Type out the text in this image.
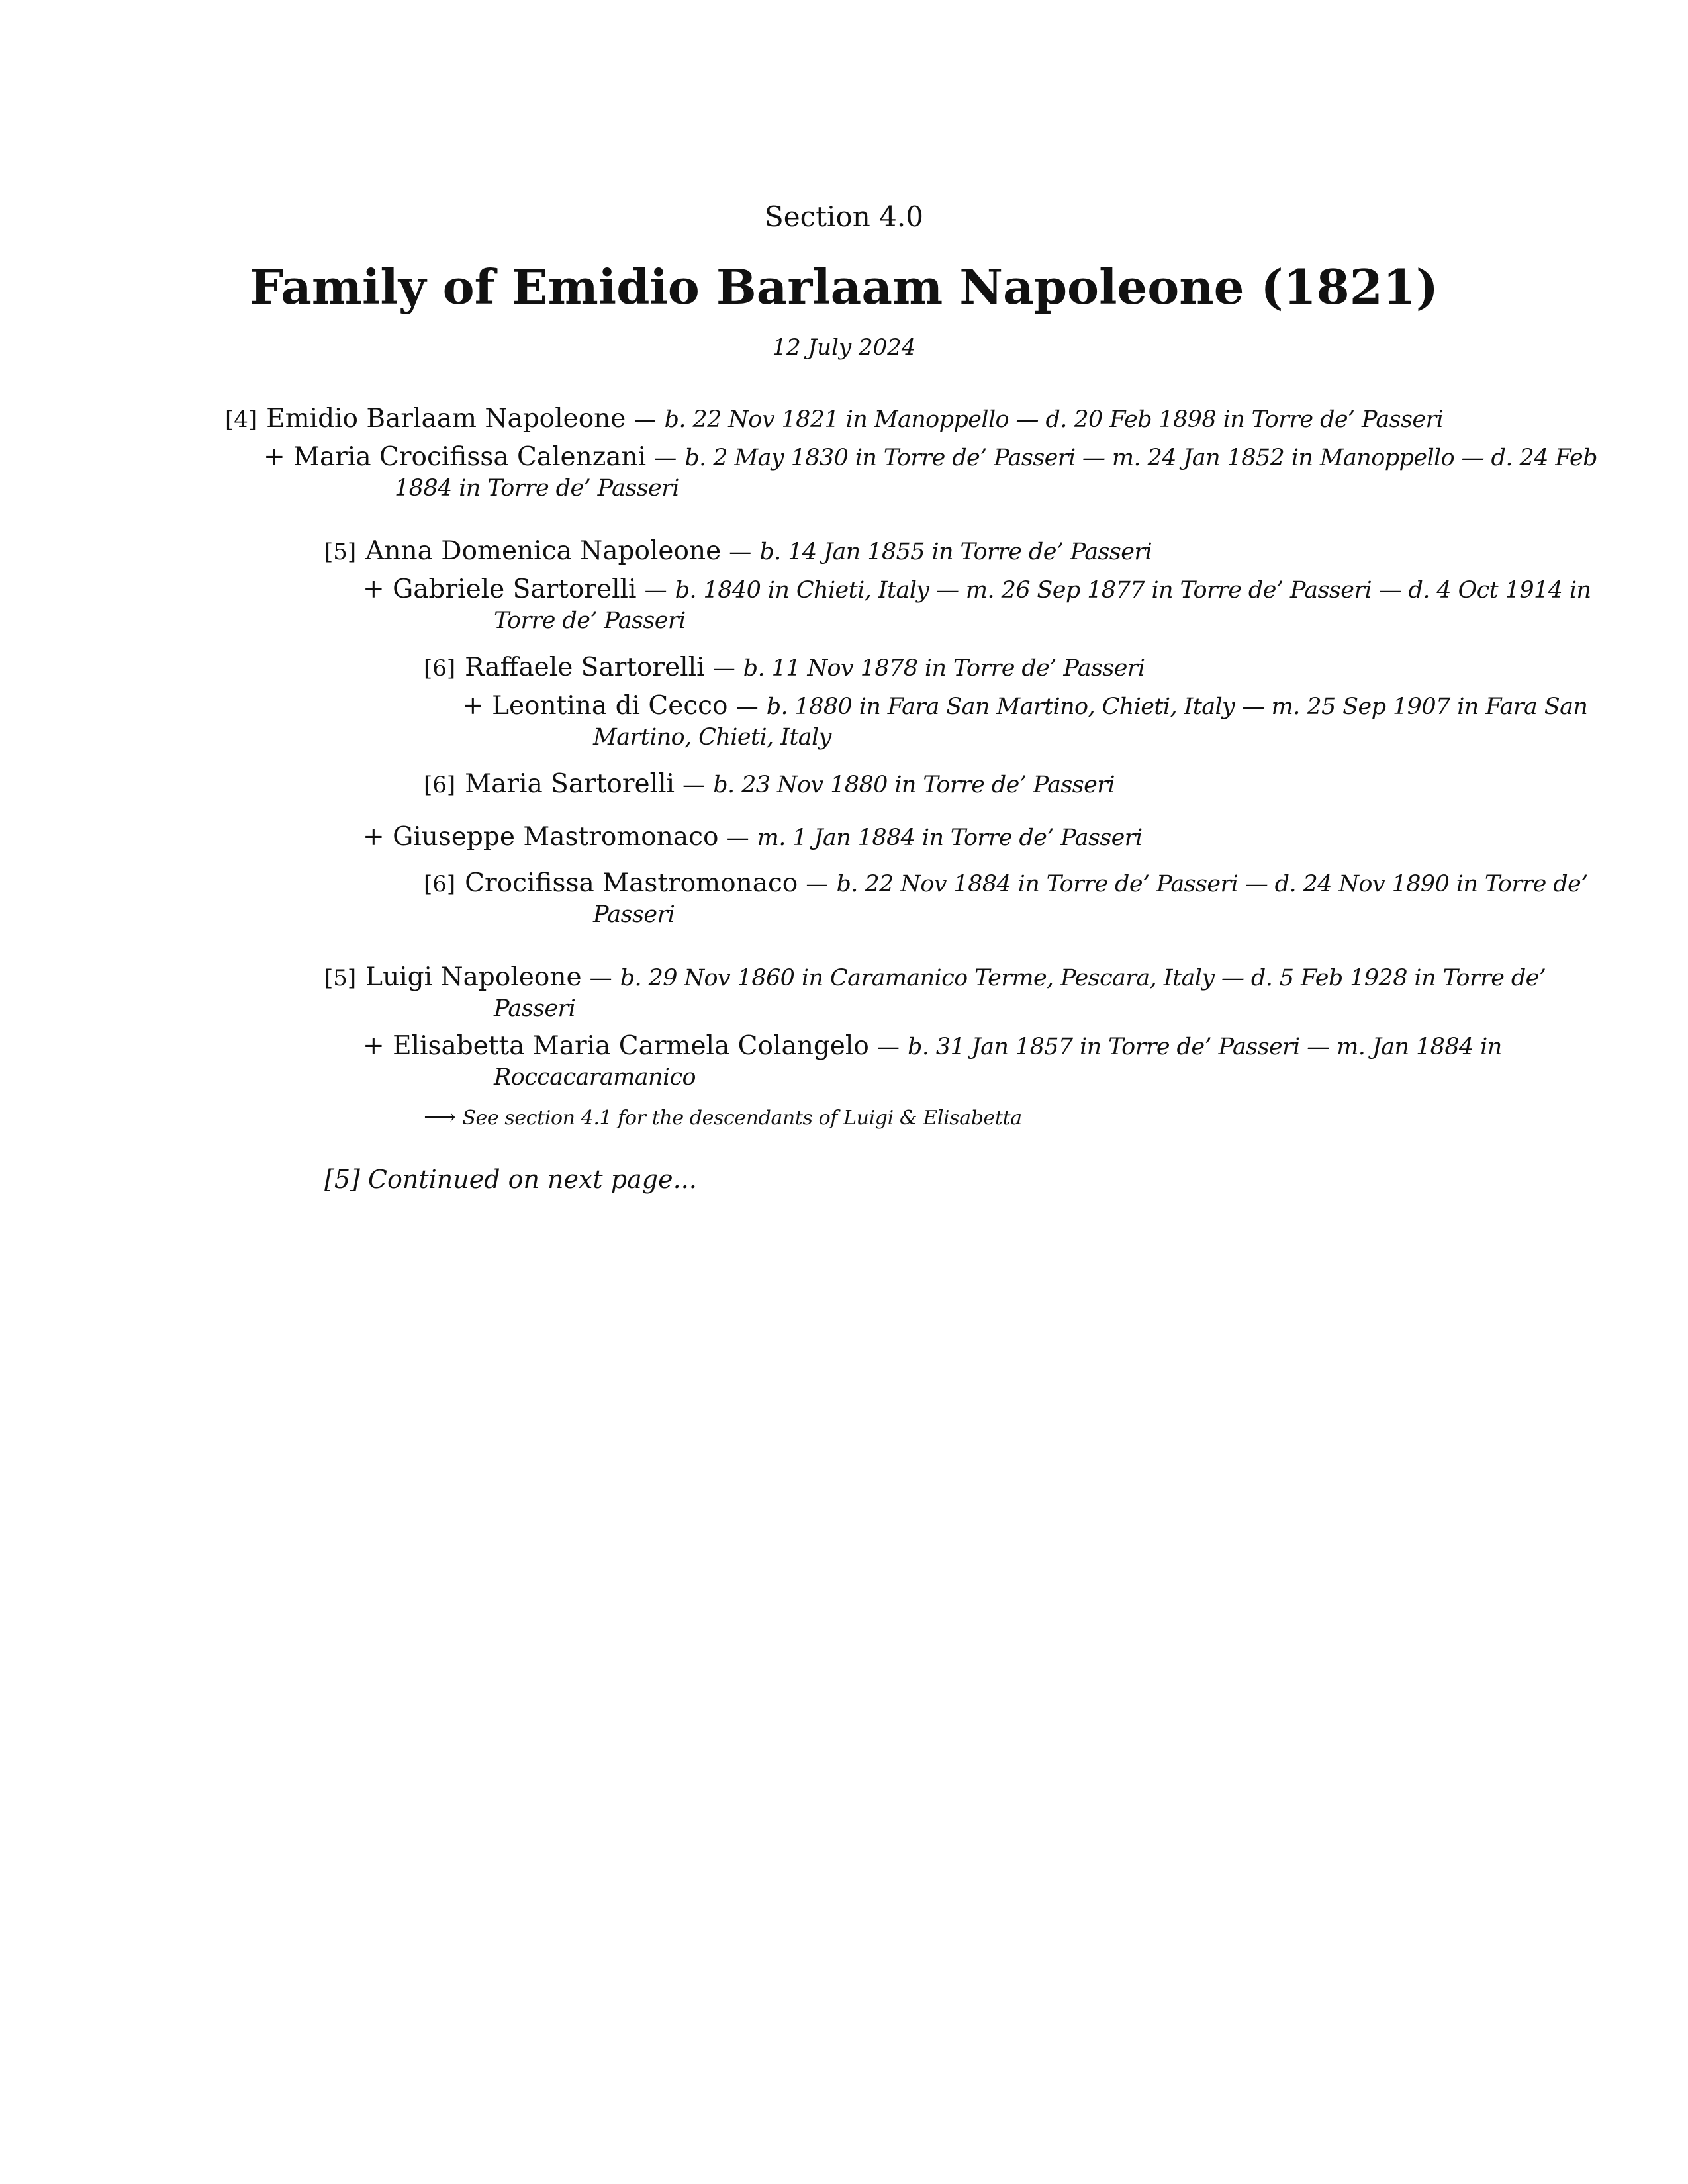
Section 4.0
Family of Emidio Barlaam Napoleone (1821)
12 July 2024
[4] Emidio Barlaam Napoleone — b. 22 Nov 1821 in Manoppello — d. 20 Feb 1898 in Torre de’ Passeri
+ Maria Crocifissa Calenzani — b. 2 May 1830 in Torre de’ Passeri — m. 24 Jan 1852 in Manoppello — d. 24 Feb
1884 in Torre de’ Passeri
[5] Anna Domenica Napoleone — b. 14 Jan 1855 in Torre de’ Passeri
+ Gabriele Sartorelli — b. 1840 in Chieti, Italy — m. 26 Sep 1877 in Torre de’ Passeri — d. 4 Oct 1914 in
Torre de’ Passeri
[6] Raffaele Sartorelli — b. 11 Nov 1878 in Torre de’ Passeri
+ Leontina di Cecco — b. 1880 in Fara San Martino, Chieti, Italy — m. 25 Sep 1907 in Fara San
Martino, Chieti, Italy
[6] Maria Sartorelli — b. 23 Nov 1880 in Torre de’ Passeri
+ Giuseppe Mastromonaco — m. 1 Jan 1884 in Torre de’ Passeri
[6] Crocifissa Mastromonaco — b. 22 Nov 1884 in Torre de’ Passeri — d. 24 Nov 1890 in Torre de’
Passeri
[5] Luigi Napoleone — b. 29 Nov 1860 in Caramanico Terme, Pescara, Italy — d. 5 Feb 1928 in Torre de’
Passeri
+ Elisabetta Maria Carmela Colangelo — b. 31 Jan 1857 in Torre de’ Passeri — m. Jan 1884 in
Roccacaramanico
⟶ See section 4.1 for the descendants of Luigi & Elisabetta
[5] Continued on next page...
